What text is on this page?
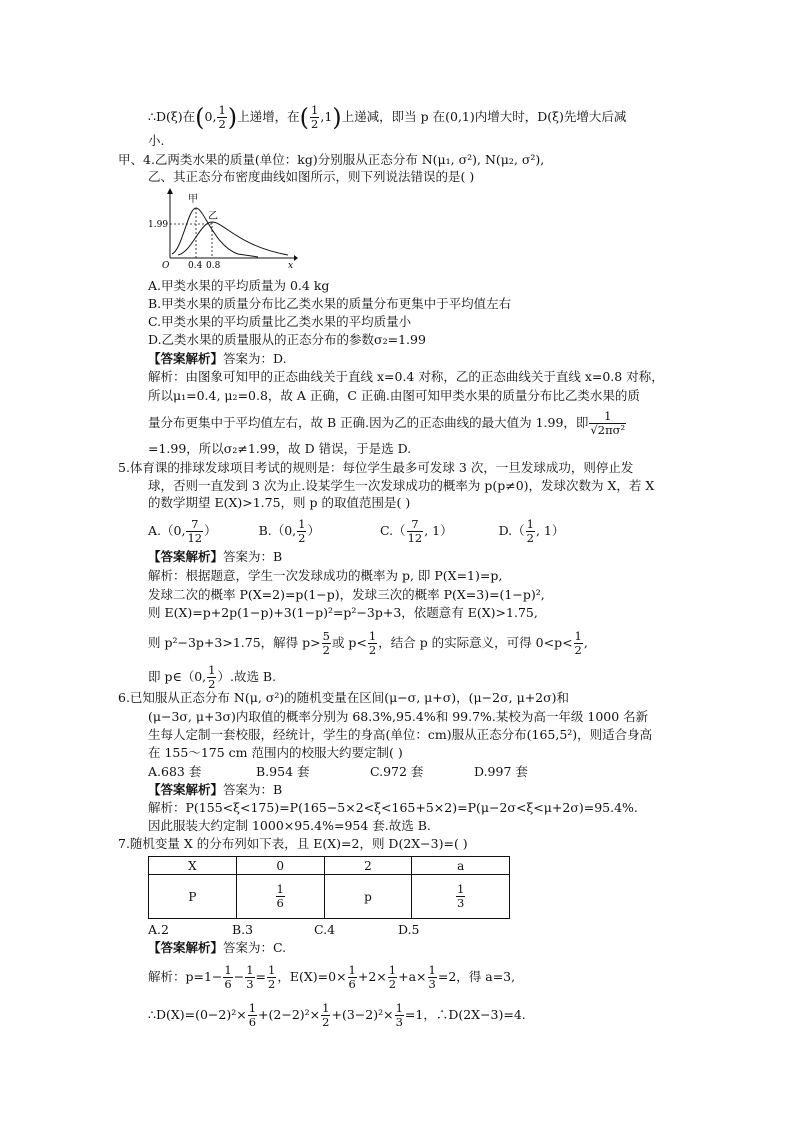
∴D(ξ)在(0, $\frac{1}{2}$ )上递增，在( $\frac{1}{2} ,1$)上递减，即当 p 在(0,1)内增大时，D(ξ)先增大后减
小.
甲、4.乙两类水果的质量(单位：kg)分别服从正态分布 N(μ₁, σ²), N(μ₂, σ²),
乙、其正态分布密度曲线如图所示，则下列说法错误的是( )
甲
乙
1.99
0.4 0.8
O	x
A.甲类水果的平均质量为 0.4 kg
B.甲类水果的质量分布比乙类水果的质量分布更集中于平均值左右
C.甲类水果的平均质量比乙类水果的平均质量小
D.乙类水果的质量服从的正态分布的参数σ₂=1.99
【答案解析】答案为：D.
解析：由图象可知甲的正态曲线关于直线 x=0.4 对称，乙的正态曲线关于直线 x=0.8 对称，
所以μ₁=0.4, μ₂=0.8，故 A 正确，C 正确.由图可知甲类水果的质量分布比乙类水果的质
量分布更集中于平均值左右，故 B 正确.因为乙的正态曲线的最大值为 1.99，即 $\frac{1}{\text{√2πσ²}}$
=1.99，所以σ₂≠1.99，故 D 错误，于是选 D.
5.体育课的排球发球项目考试的规则是：每位学生最多可发球 3 次，一旦发球成功，则停止发
球，否则一直发到 3 次为止.设某学生一次发球成功的概率为 p(p≠0)，发球次数为 X，若 X
的数学期望 E(X)>1.75，则 p 的取值范围是( )
A.（0, $\frac{7}{12}$ ）	B.（0, $\frac{1}{2}$ ）	$C.( \frac{7}{12}$ , 1）	$D.( \frac{1}{2}$ , 1）
【答案解析】答案为：B
解析：根据题意，学生一次发球成功的概率为 p, 即 P(X=1)=p,
发球二次的概率 P(X=2)=p(1−p)，发球三次的概率 P(X=3)=(1−p)²,
则 E(X)=p+2p(1−p)+3(1−p)²=p²−3p+3，依题意有 E(X)>1.75,
则 p²−3p+3>1.75，解得 $p> \frac{5}{2}$ 或 $p< \frac{1}{2}$ ，结合 p 的实际意义，可得 $0<p< \frac{1}{2}$ ,
即 p∈（0, $\frac{1}{2}$ ）.故选 B.
6.已知服从正态分布 N(μ, σ²)的随机变量在区间(μ−σ, μ+σ)，(μ−2σ, μ+2σ)和
(μ−3σ, μ+3σ)内取值的概率分别为 68.3%,95.4%和 99.7%.某校为高一年级 1000 名新
生每人定制一套校服，经统计，学生的身高(单位：cm)服从正态分布(165,5²)，则适合身高
在 155～175 cm 范围内的校服大约要定制( )
A.683 套	B.954 套	C.972 套	D.997 套
【答案解析】答案为：B
解析：P(155<ξ<175)=P(165−5×2<ξ<165+5×2)=P(μ−2σ<ξ<μ+2σ)=95.4%.
因此服装大约定制 1000×95.4%=954 套.故选 B.
7.随机变量 X 的分布列如下表，且 E(X)=2，则 D(2X−3)=( )
X	0	2	a
P	$\frac{1}{6}$	p	$\frac{1}{3}$
A.2	B.3	C.4	D.5
【答案解析】答案为：C.
解析：$p=1- \frac{1}{6} - \frac{1}{3} = \frac{1}{2}$ ，$E(X)=0\times \frac{1}{6} +2\times \frac{1}{2} +a\times \frac{1}{3} =2$，得 a=3,
∴D(X)=(0−2)²× $\frac{1}{6} +(2-2)^2\times \frac{1}{2} +(3-2)^2\times \frac{1}{3} =1$，∴D(2X−3)=4.
